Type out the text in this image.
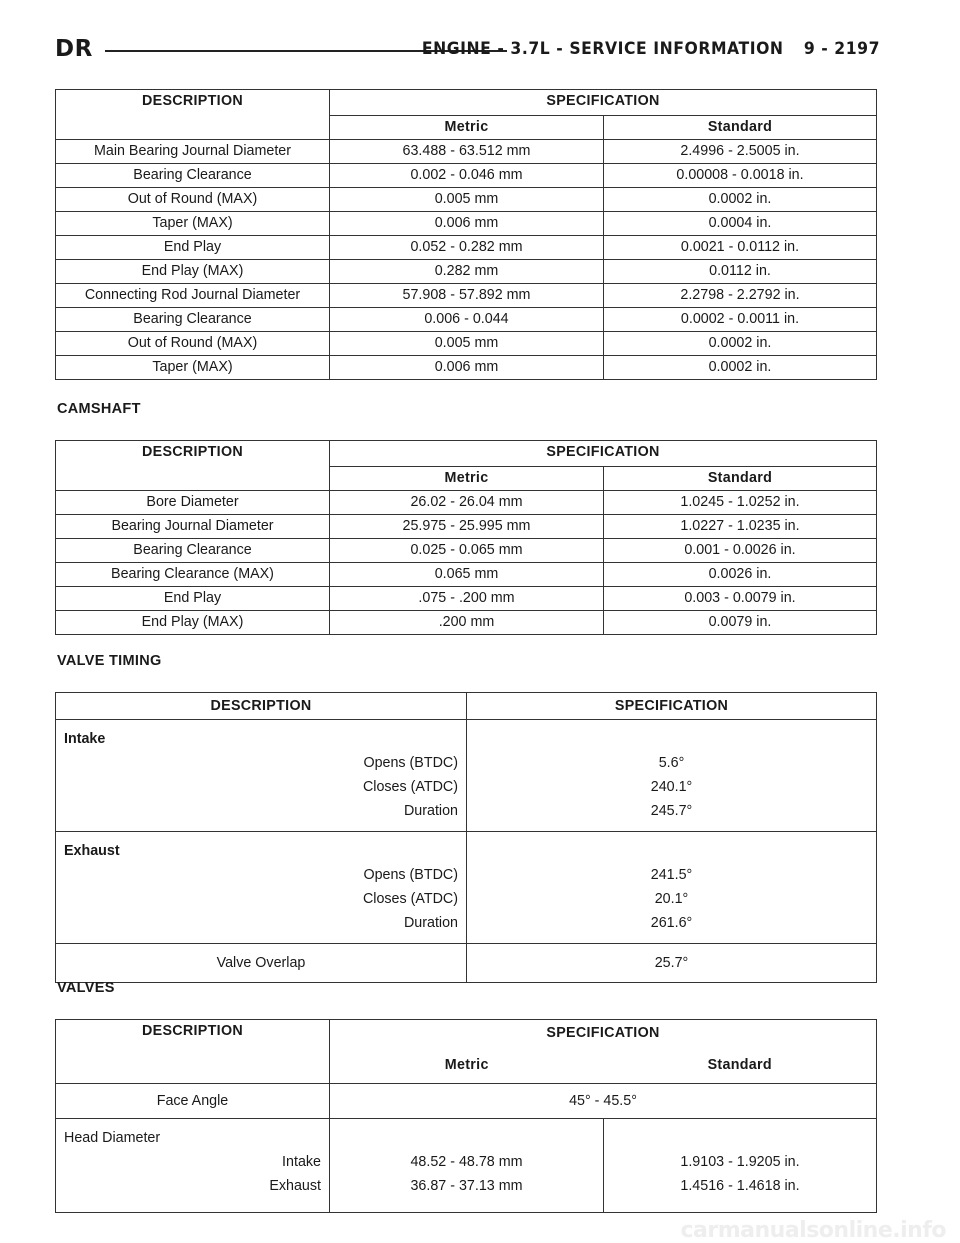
DR	ENGINE - 3.7L - SERVICE INFORMATION 9 - 2197
DESCRIPTION	SPECIFICATION	
	Metric	Standard
Main Bearing Journal Diameter	63.488 - 63.512 mm	2.4996 - 2.5005 in.
Bearing Clearance	0.002 - 0.046 mm	0.00008 - 0.0018 in.
Out of Round (MAX)	0.005 mm	0.0002 in.
Taper (MAX)	0.006 mm	0.0004 in.
End Play	0.052 - 0.282 mm	0.0021 - 0.0112 in.
End Play (MAX)	0.282 mm	0.0112 in.
Connecting Rod Journal Diameter	57.908 - 57.892 mm	2.2798 - 2.2792 in.
Bearing Clearance	0.006 - 0.044	0.0002 - 0.0011 in.
Out of Round (MAX)	0.005 mm	0.0002 in.
Taper (MAX)	0.006 mm	0.0002 in.
CAMSHAFT
DESCRIPTION	SPECIFICATION	
	Metric	Standard
Bore Diameter	26.02 - 26.04 mm	1.0245 - 1.0252 in.
Bearing Journal Diameter	25.975 - 25.995 mm	1.0227 - 1.0235 in.
Bearing Clearance	0.025 - 0.065 mm	0.001 - 0.0026 in.
Bearing Clearance (MAX)	0.065 mm	0.0026 in.
End Play	.075 - .200 mm	0.003 - 0.0079 in.
End Play (MAX)	.200 mm	0.0079 in.
VALVE TIMING
DESCRIPTION	SPECIFICATION
Intake	
Opens (BTDC)	5.6°
Closes (ATDC)	240.1°
Duration	245.7°

Exhaust	
Opens (BTDC)	241.5°
Closes (ATDC)	20.1°
Duration	261.6°

Valve Overlap	25.7°
VALVES
DESCRIPTION	SPECIFICATION	
	Metric	Standard
Face Angle	45° - 45.5°	
Head Diameter		
Intake	48.52 - 48.78 mm	1.9103 - 1.9205 in.
Exhaust	36.87 - 37.13 mm	1.4516 - 1.4618 in.

carmanualsonline.info
